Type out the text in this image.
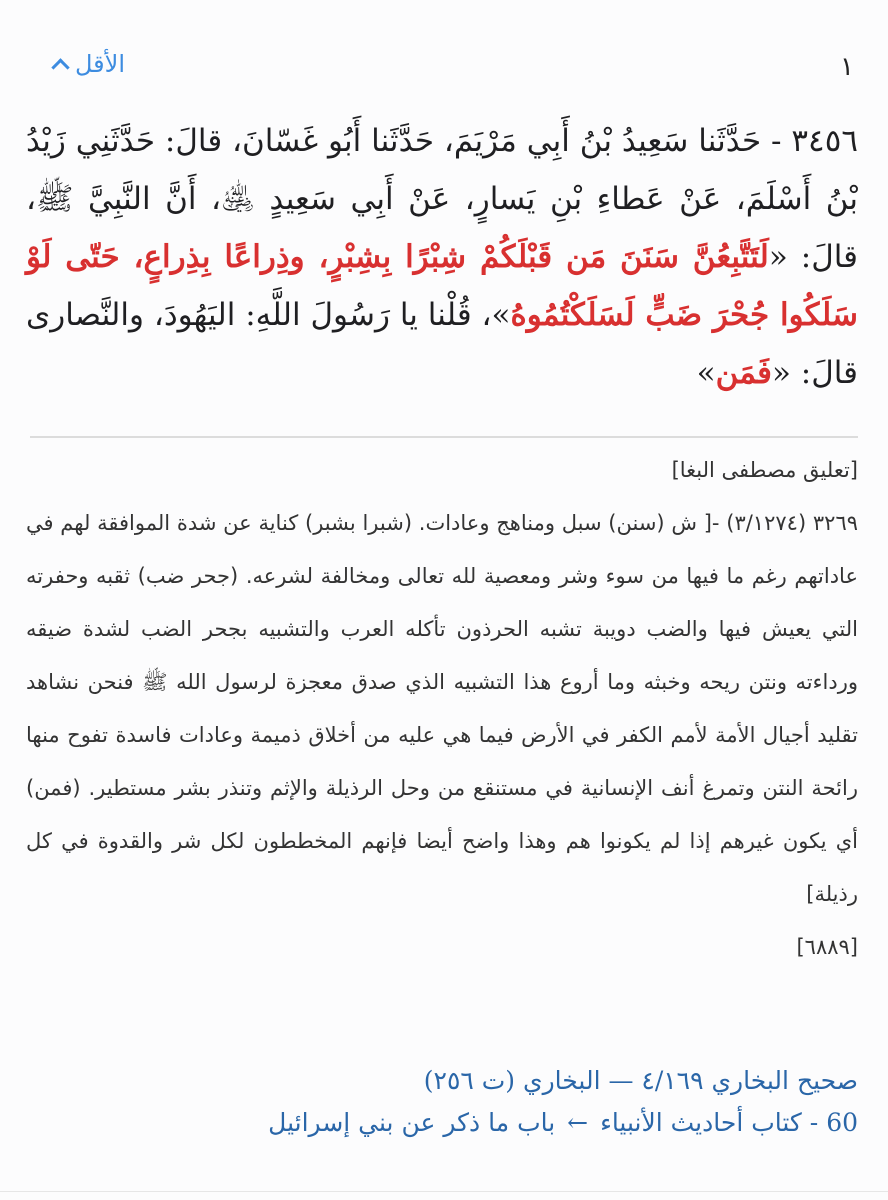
الأقل	١
٣٤٥٦ - حَدَّثَنا سَعِيدُ بْنُ أَبِي مَرْيَمَ، حَدَّثَنا أَبُو غَسّانَ، قالَ: حَدَّثَنِي زَيْدُ بْنُ أَسْلَمَ، عَنْ عَطاءِ بْنِ يَسارٍ، عَنْ أَبِي سَعِيدٍ ﵁، أَنَّ النَّبِيَّ ﷺ، قالَ: «لَتَتَّبِعُنَّ سَنَنَ مَن قَبْلَكُمْ شِبْرًا بِشِبْرٍ، وذِراعًا بِذِراعٍ، حَتّى لَوْ سَلَكُوا جُحْرَ ضَبٍّ لَسَلَكْتُمُوهُ»، قُلْنا يا رَسُولَ اللَّهِ: اليَهُودَ، والنَّصارى قالَ: «فَمَن»

[تعليق مصطفى البغا]

٣٢٦٩ (٣/١٢٧٤) -[ ش (سنن) سبل ومناهج وعادات. (شبرا بشبر) كناية عن شدة الموافقة لهم في عاداتهم رغم ما فيها من سوء وشر ومعصية لله تعالى ومخالفة لشرعه. (جحر ضب) ثقبه وحفرته التي يعيش فيها والضب دويبة تشبه الحرذون تأكله العرب والتشبيه بجحر الضب لشدة ضيقه ورداءته ونتن ريحه وخبثه وما أروع هذا التشبيه الذي صدق معجزة لرسول الله ﷺ فنحن نشاهد تقليد أجيال الأمة لأمم الكفر في الأرض فيما هي عليه من أخلاق ذميمة وعادات فاسدة تفوح منها رائحة النتن وتمرغ أنف الإنسانية في مستنقع من وحل الرذيلة والإثم وتنذر بشر مستطير. (فمن) أي يكون غيرهم إذا لم يكونوا هم وهذا واضح أيضا فإنهم المخططون لكل شر والقدوة في كل رذيلة]

[٦٨٨٩]

صحيح البخاري ٤/١٦٩ — البخاري (ت ٢٥٦)
60 - كتاب أحاديث الأنبياء ← باب ما ذكر عن بني إسرائيل
